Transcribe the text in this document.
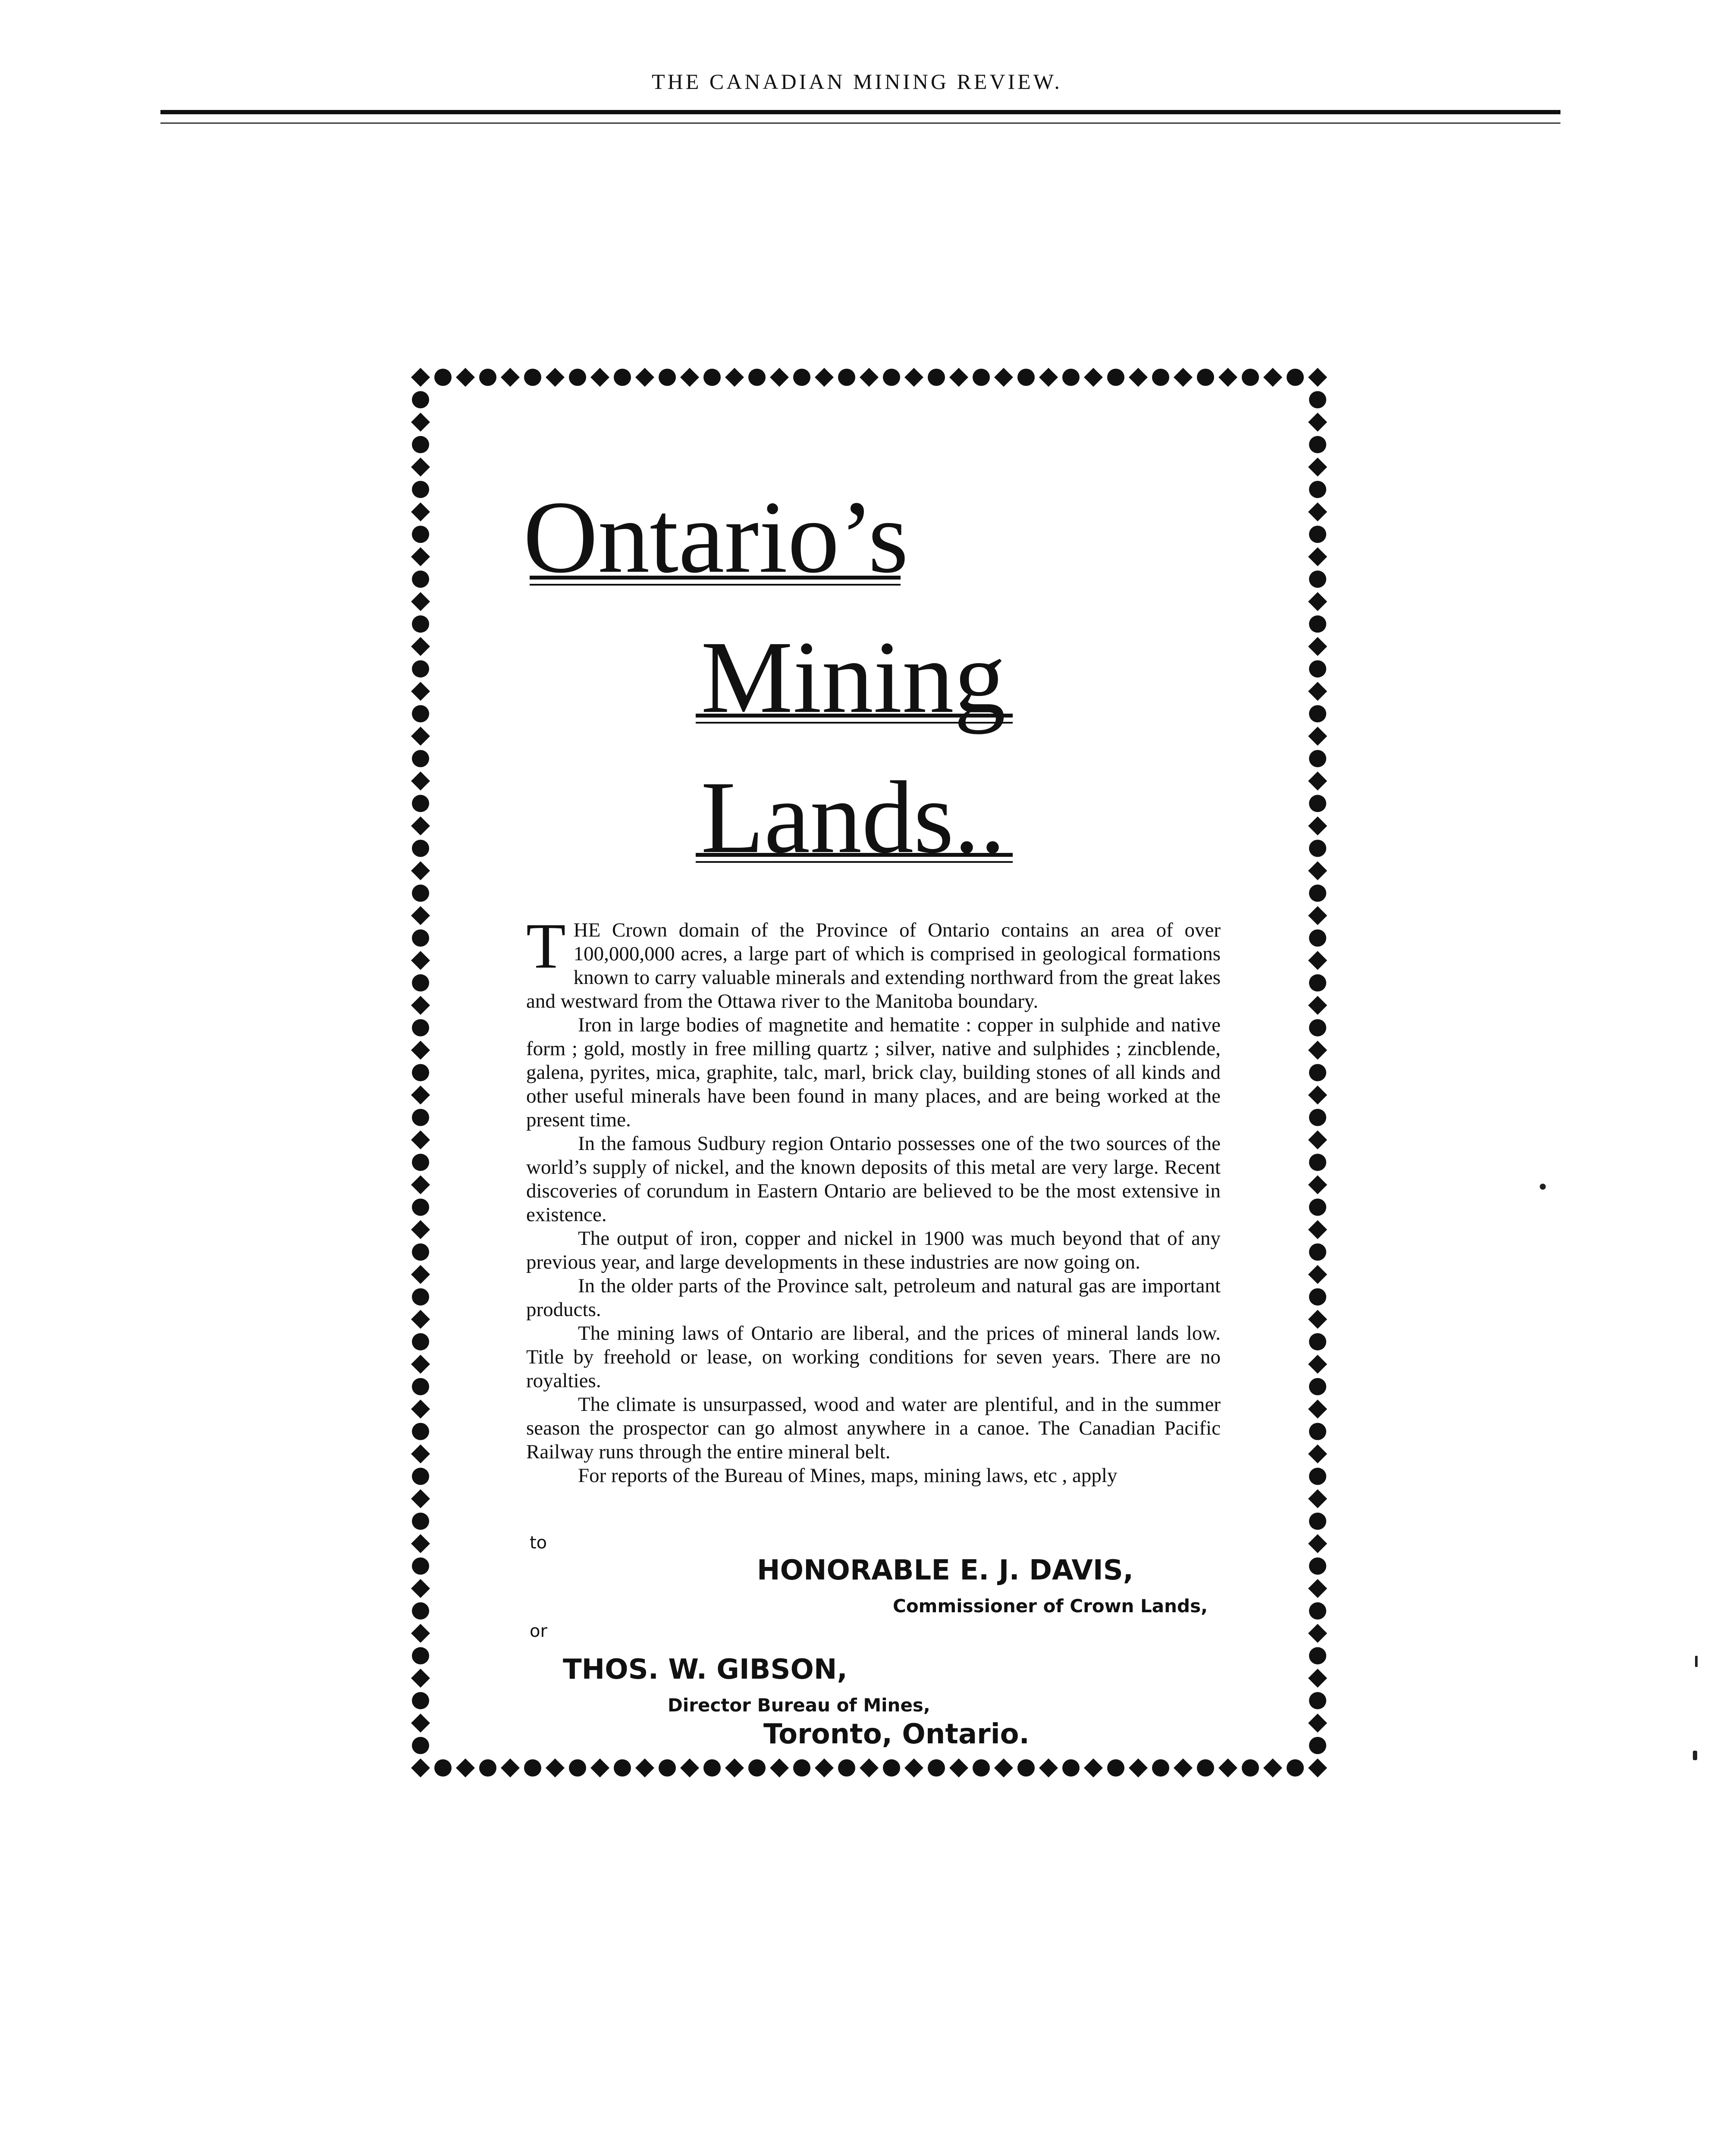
THE CANADIAN MINING REVIEW.
Ontario’s
Mining
Lands..

THE Crown domain of the Province of Ontario contains an area of over 100,000,000 acres, a large part of which is comprised in geological formations known to carry valuable minerals and extending northward from the great lakes and westward from the Ottawa river to the Manitoba boundary.

Iron in large bodies of magnetite and hematite : copper in sulphide and native form ; gold, mostly in free milling quartz ; silver, native and sulphides ; zincblende, galena, pyrites, mica, graphite, talc, marl, brick clay, building stones of all kinds and other useful minerals have been found in many places, and are being worked at the present time.

In the famous Sudbury region Ontario possesses one of the two sources of the world’s supply of nickel, and the known deposits of this metal are very large. Recent discoveries of corundum in Eastern Ontario are believed to be the most extensive in existence.

The output of iron, copper and nickel in 1900 was much beyond that of any previous year, and large developments in these industries are now going on.

In the older parts of the Province salt, petroleum and natural gas are important products.

The mining laws of Ontario are liberal, and the prices of mineral lands low. Title by freehold or lease, on working conditions for seven years. There are no royalties.

The climate is unsurpassed, wood and water are plentiful, and in the summer season the prospector can go almost anywhere in a canoe. The Canadian Pacific Railway runs through the entire mineral belt.

For reports of the Bureau of Mines, maps, mining laws, etc , apply

to
HONORABLE E. J. DAVIS,
Commissioner of Crown Lands,
or
THOS. W. GIBSON,
Director Bureau of Mines,
Toronto, Ontario.
